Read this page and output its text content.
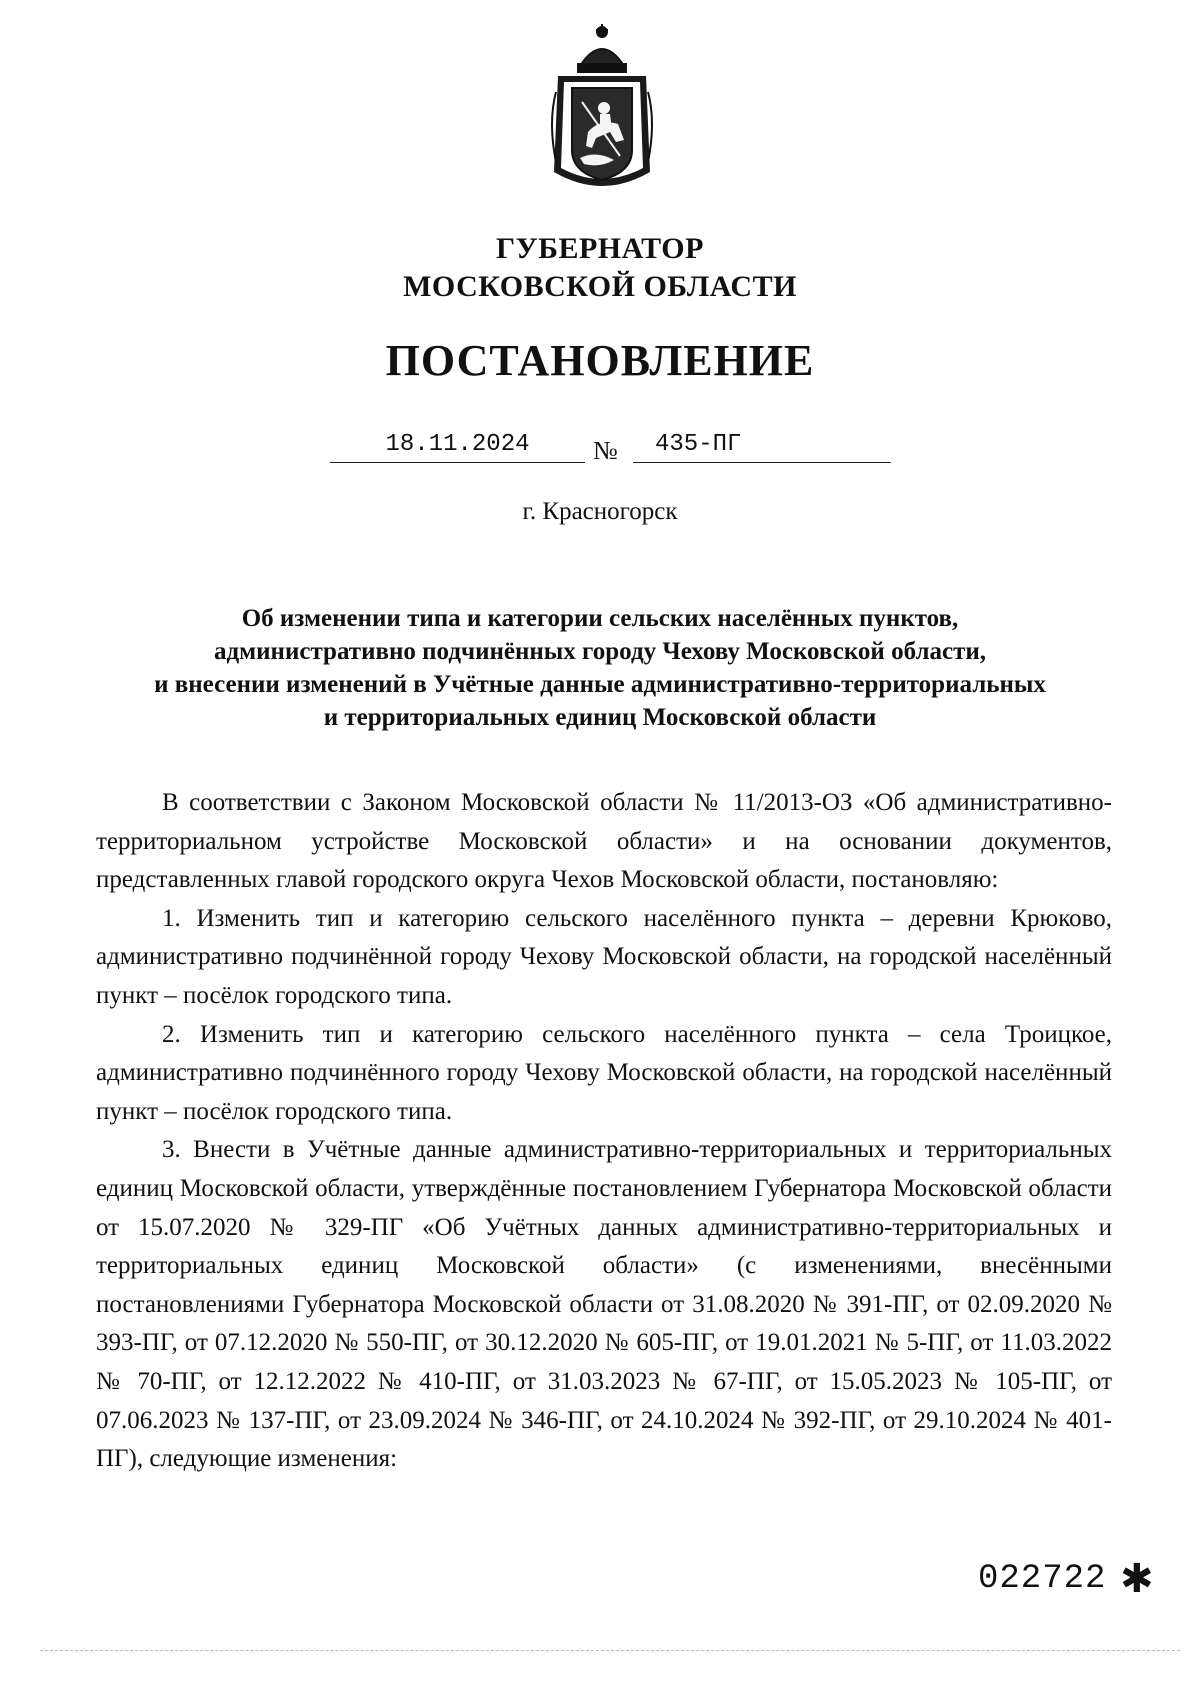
ГУБЕРНАТОР
МОСКОВСКОЙ ОБЛАСТИ
ПОСТАНОВЛЕНИЕ
18.11.2024	№	435-ПГ
г. Красногорск
Об изменении типа и категории сельских населённых пунктов,
административно подчинённых городу Чехову Московской области,
и внесении изменений в Учётные данные административно-территориальных
и территориальных единиц Московской области

В соответствии с Законом Московской области № 11/2013-ОЗ «Об административно-территориальном устройстве Московской области» и на основании документов, представленных главой городского округа Чехов Московской области, постановляю:

1. Изменить тип и категорию сельского населённого пункта – деревни Крюково, административно подчинённой городу Чехову Московской области, на городской населённый пункт – посёлок городского типа.

2. Изменить тип и категорию сельского населённого пункта – села Троицкое, административно подчинённого городу Чехову Московской области, на городской населённый пункт – посёлок городского типа.

3. Внести в Учётные данные административно-территориальных и территориальных единиц Московской области, утверждённые постановлением Губернатора Московской области от 15.07.2020 № 329-ПГ «Об Учётных данных административно-территориальных и территориальных единиц Московской области» (с изменениями, внесёнными постановлениями Губернатора Московской области от 31.08.2020 № 391-ПГ, от 02.09.2020 № 393-ПГ, от 07.12.2020 № 550-ПГ, от 30.12.2020 № 605-ПГ, от 19.01.2021 № 5-ПГ, от 11.03.2022 № 70-ПГ, от 12.12.2022 № 410-ПГ, от 31.03.2023 № 67-ПГ, от 15.05.2023 № 105-ПГ, от 07.06.2023 № 137-ПГ, от 23.09.2024 № 346-ПГ, от 24.10.2024 № 392-ПГ, от 29.10.2024 № 401-ПГ), следующие изменения:

022722 ✱
